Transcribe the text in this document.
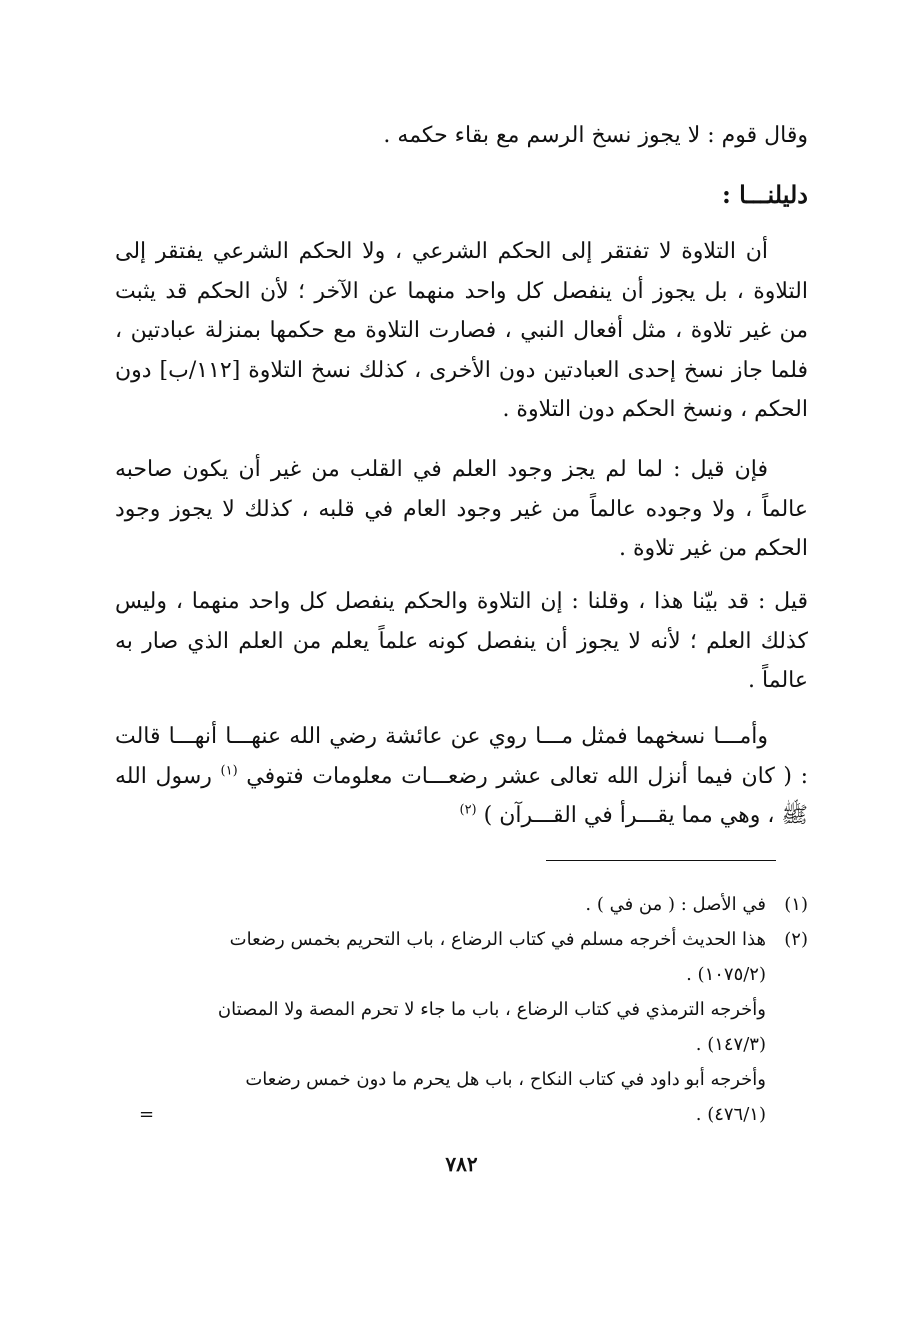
وقال قوم : لا يجوز نسخ الرسم مع بقاء حكمه .
دليلنـــا :
أن التلاوة لا تفتقر إلى الحكم الشرعي ، ولا الحكم الشرعي يفتقر إلى التلاوة ، بل يجوز أن ينفصل كل واحد منهما عن الآخر ؛ لأن الحكم قد يثبت من غير تلاوة ، مثل أفعال النبي ، فصارت التلاوة مع حكمها بمنزلة عبادتين ، فلما جاز نسخ إحدى العبادتين دون الأخرى ، كذلك نسخ التلاوة [١١٢/ب] دون الحكم ، ونسخ الحكم دون التلاوة .
فإن قيل : لما لم يجز وجود العلم في القلب من غير أن يكون صاحبه عالماً ، ولا وجوده عالماً من غير وجود العام في قلبه ، كذلك لا يجوز وجود الحكم من غير تلاوة .
قيل : قد بيّنا هذا ، وقلنا : إن التلاوة والحكم ينفصل كل واحد منهما ، وليس كذلك العلم ؛ لأنه لا يجوز أن ينفصل كونه علماً يعلم من العلم الذي صار به عالماً .
وأمـــا نسخهما فمثل مـــا روي عن عائشة رضي الله عنهـــا أنهـــا قالت : ( كان فيما أنزل الله تعالى عشر رضعـــات معلومات فتوفي $^{(١)}$ رسول الله ﷺ ، وهي مما يقـــرأ في القـــرآن ) $^{(٢)}$
(١)
في الأصل : ( من في ) .
(٢)
هذا الحديث أخرجه مسلم في كتاب الرضاع ، باب التحريم بخمس رضعات
(١٠٧٥/٢) .
وأخرجه الترمذي في كتاب الرضاع ، باب ما جاء لا تحرم المصة ولا المصتان
(١٤٧/٣) .
وأخرجه أبو داود في كتاب النكاح ، باب هل يحرم ما دون خمس رضعات
(٤٧٦/١) .
=
٧٨٢
